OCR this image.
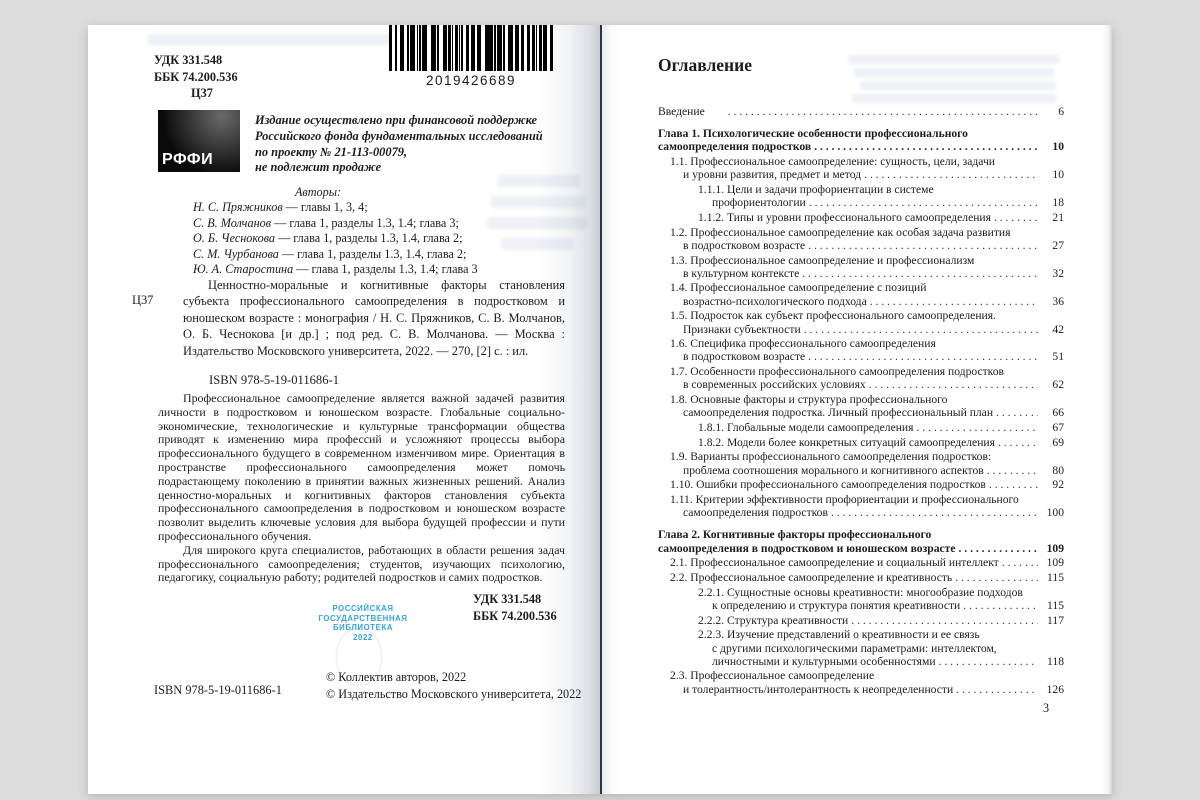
УДК 331.548
ББК 74.200.536
Ц37
2019426689
РФФИ
Издание осуществлено при финансовой поддержке
Российского фонда фундаментальных исследований
по проекту № 21-113-00079,
не подлежит продаже
Авторы:
Н. С. Пряжников — главы 1, 3, 4;
С. В. Молчанов — глава 1, разделы 1.3, 1.4; глава 3;
О. Б. Чеснокова — глава 1, разделы 1.3, 1.4, глава 2;
С. М. Чурбанова — глава 1, разделы 1.3, 1.4, глава 2;
Ю. А. Старостина — глава 1, разделы 1.3, 1.4; глава 3
Ц37
Ценностно-моральные и когнитивные факторы становления субъекта профессионального самоопределения в подростковом и юношеском возрасте : монография / Н. С. Пряжников, С. В. Молчанов, О. Б. Чеснокова [и др.] ; под ред. С. В. Молчанова. — Москва : Издательство Московского университета, 2022. — 270, [2] с. : ил.
ISBN 978-5-19-011686-1

Профессиональное самоопределение является важной задачей развития личности в подростковом и юношеском возрасте. Глобальные социально-экономические, технологические и культурные трансформации общества приводят к изменению мира профессий и усложняют процессы выбора профессионального будущего в современном изменчивом мире. Ориентация в пространстве профессионального самоопределения может помочь подрастающему поколению в принятии важных жизненных решений. Анализ ценностно-моральных и когнитивных факторов становления субъекта профессионального самоопределения в подростковом и юношеском возрасте позволит выделить ключевые условия для выбора будущей профессии и пути профессионального обучения.

Для широкого круга специалистов, работающих в области решения задач профессионального самоопределения; студентов, изучающих психологию, педагогику, социальную работу; родителей подростков и самих подростков.

УДК 331.548
ББК 74.200.536
РОССИЙСКАЯ
ГОСУДАРСТВЕННАЯ
БИБЛИОТЕКА
2022
© Коллектив авторов, 2022
© Издательство Московского университета, 2022
ISBN 978-5-19-011686-1
Оглавление
Введение . . .	6
Глава 1. Психологические особенности профессионального
самоопределения подростков . . .	10
1.1. Профессиональное самоопределение: сущность, цели, задачи
и уровни развития, предмет и метод . . .	10
1.1.1. Цели и задачи профориентации в системе
профориентологии . . .	18
1.1.2. Типы и уровни профессионального самоопределения . . .	21
1.2. Профессиональное самоопределение как особая задача развития
в подростковом возрасте . . .	27
1.3. Профессиональное самоопределение и профессионализм
в культурном контексте . . .	32
1.4. Профессиональное самоопределение с позиций
возрастно-психологического подхода . . .	36
1.5. Подросток как субъект профессионального самоопределения.
Признаки субъектности . . .	42
1.6. Специфика профессионального самоопределения
в подростковом возрасте . . .	51
1.7. Особенности профессионального самоопределения подростков
в современных российских условиях . . .	62
1.8. Основные факторы и структура профессионального
самоопределения подростка. Личный профессиональный план . . .	66
1.8.1. Глобальные модели самоопределения . . .	67
1.8.2. Модели более конкретных ситуаций самоопределения . . .	69
1.9. Варианты профессионального самоопределения подростков:
проблема соотношения морального и когнитивного аспектов . . .	80
1.10. Ошибки профессионального самоопределения подростков . . .	92
1.11. Критерии эффективности профориентации и профессионального
самоопределения подростков . . .	100
Глава 2. Когнитивные факторы профессионального
самоопределения в подростковом и юношеском возрасте . . .	109
2.1. Профессиональное самоопределение и социальный интеллект . . .	109
2.2. Профессиональное самоопределение и креативность . . .	115
2.2.1. Сущностные основы креативности: многообразие подходов
к определению и структура понятия креативности . . .	115
2.2.2. Структура креативности . . .	117
2.2.3. Изучение представлений о креативности и ее связь
с другими психологическими параметрами: интеллектом,
личностными и культурными особенностями . . .	118
2.3. Профессиональное самоопределение
и толерантность/интолерантность к неопределенности . . .	126
3
